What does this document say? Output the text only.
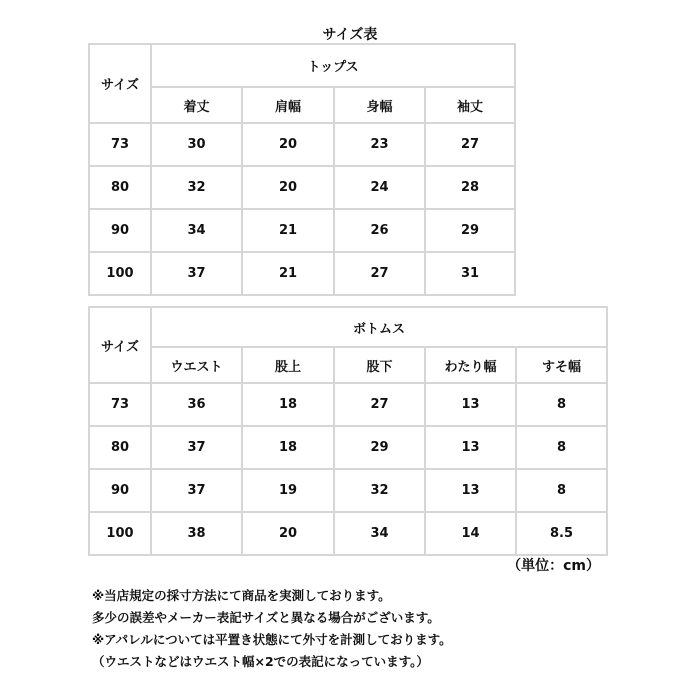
サイズ表
サイズ	トップス			
	着丈	肩幅	身幅	袖丈
73	30	20	23	27
80	32	20	24	28
90	34	21	26	29
100	37	21	27	31
サイズ	ボトムス				
	ウエスト	股上	股下	わたり幅	すそ幅
73	36	18	27	13	8
80	37	18	29	13	8
90	37	19	32	13	8
100	38	20	34	14	8.5
（単位：cm）
※当店規定の採寸方法にて商品を実測しております。
多少の誤差やメーカー表記サイズと異なる場合がございます。
※アパレルについては平置き状態にて外寸を計測しております。
（ウエストなどはウエスト幅×2での表記になっています。）
